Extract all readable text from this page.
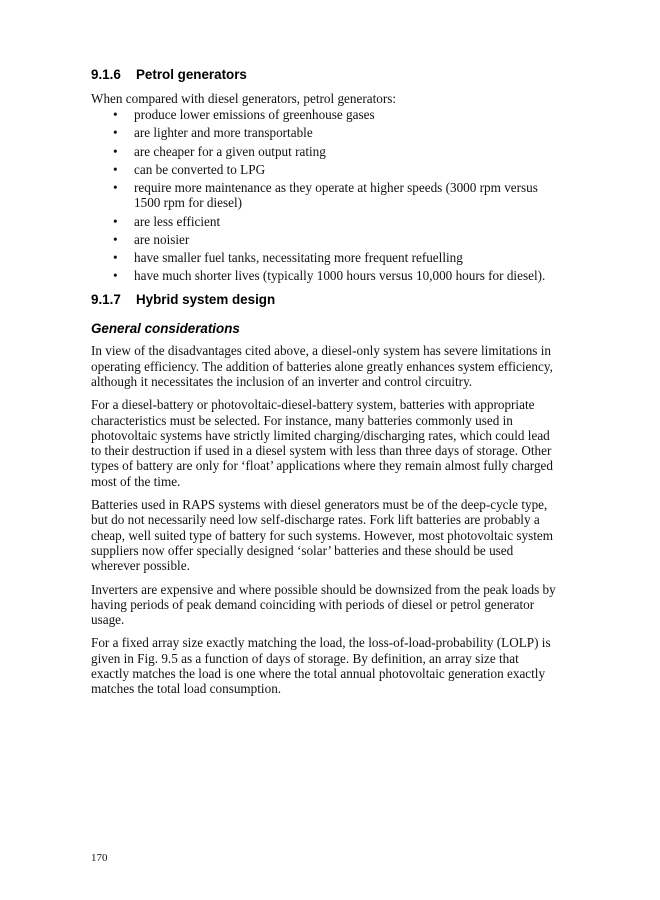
9.1.6 Petrol generators
When compared with diesel generators, petrol generators:
• produce lower emissions of greenhouse gases
• are lighter and more transportable
• are cheaper for a given output rating
• can be converted to LPG
• require more maintenance as they operate at higher speeds (3000 rpm versus 1500 rpm for diesel)
• are less efficient
• are noisier
• have smaller fuel tanks, necessitating more frequent refuelling
• have much shorter lives (typically 1000 hours versus 10,000 hours for diesel).
9.1.7 Hybrid system design
General considerations
In view of the disadvantages cited above, a diesel-only system has severe limitations in operating efficiency. The addition of batteries alone greatly enhances system efficiency, although it necessitates the inclusion of an inverter and control circuitry.
For a diesel-battery or photovoltaic-diesel-battery system, batteries with appropriate characteristics must be selected. For instance, many batteries commonly used in photovoltaic systems have strictly limited charging/discharging rates, which could lead to their destruction if used in a diesel system with less than three days of storage. Other types of battery are only for ‘float’ applications where they remain almost fully charged most of the time.
Batteries used in RAPS systems with diesel generators must be of the deep-cycle type, but do not necessarily need low self-discharge rates. Fork lift batteries are probably a cheap, well suited type of battery for such systems. However, most photovoltaic system suppliers now offer specially designed ‘solar’ batteries and these should be used wherever possible.
Inverters are expensive and where possible should be downsized from the peak loads by having periods of peak demand coinciding with periods of diesel or petrol generator usage.
For a fixed array size exactly matching the load, the loss-of-load-probability (LOLP) is given in Fig. 9.5 as a function of days of storage. By definition, an array size that exactly matches the load is one where the total annual photovoltaic generation exactly matches the total load consumption.
170
